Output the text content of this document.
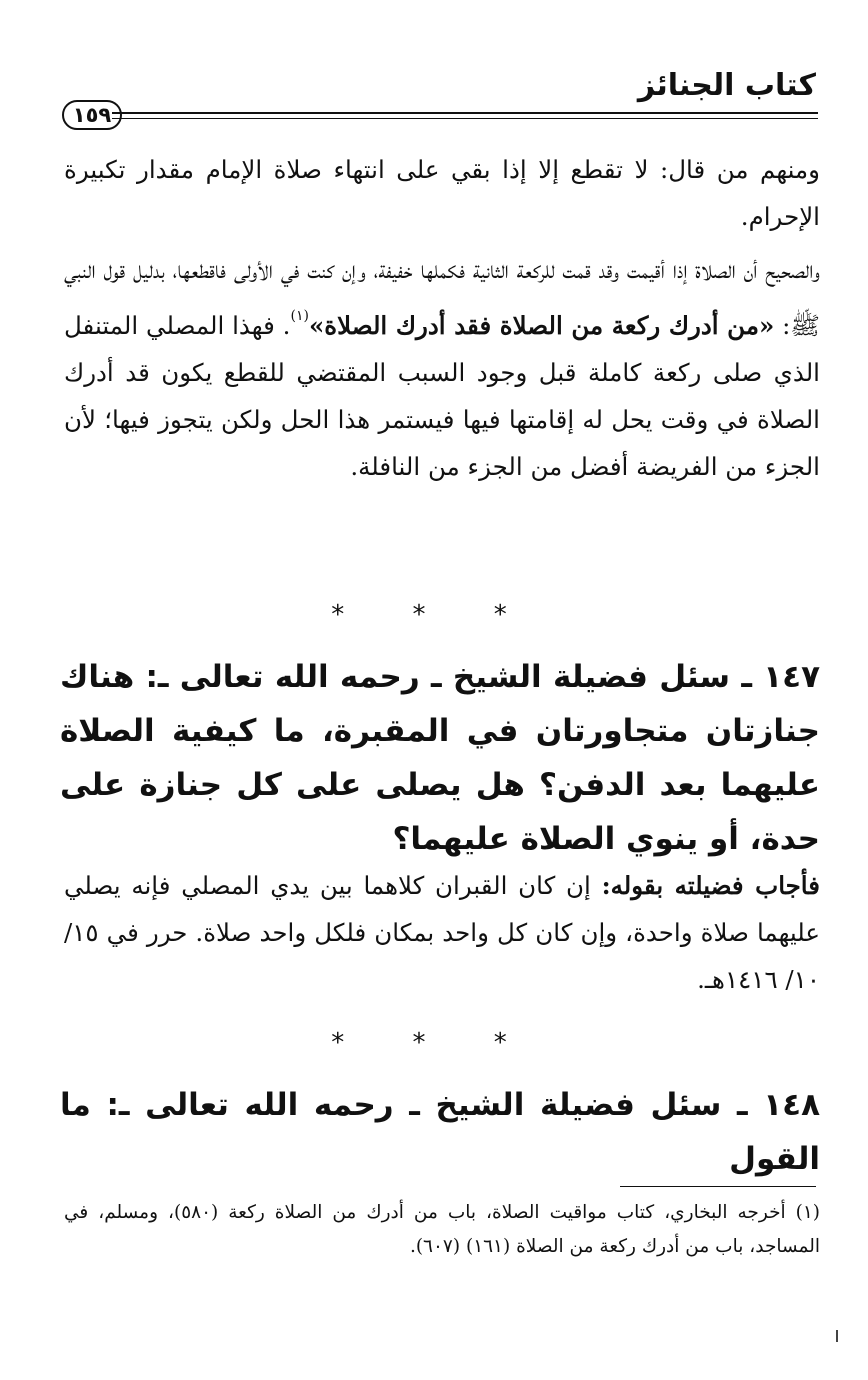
كتاب الجنائز
١٥٩

ومنهم من قال: لا تقطع إلا إذا بقي على انتهاء صلاة الإمام مقدار تكبيرة الإحرام.

والصحيح أن الصلاة إذا أقيمت وقد قمت للركعة الثانية فكملها خفيفة، وإن كنت في الأولى فاقطعها، بدليل قول النبي ﷺ: «من أدرك ركعة من الصلاة فقد أدرك الصلاة»$^{(١)}$. فهذا المصلي المتنفل الذي صلى ركعة كاملة قبل وجود السبب المقتضي للقطع يكون قد أدرك الصلاة في وقت يحل له إقامتها فيها فيستمر هذا الحل ولكن يتجوز فيها؛ لأن الجزء من الفريضة أفضل من الجزء من النافلة.

* * *

١٤٧ ـ سئل فضيلة الشيخ ـ رحمه الله تعالى ـ: هناك جنازتان متجاورتان في المقبرة، ما كيفية الصلاة عليهما بعد الدفن؟ هل يصلى على كل جنازة على حدة، أو ينوي الصلاة عليهما؟

فأجاب فضيلته بقوله: إن كان القبران كلاهما بين يدي المصلي فإنه يصلي عليهما صلاة واحدة، وإن كان كل واحد بمكان فلكل واحد صلاة. حرر في ١٥/ ١٠/ ١٤١٦هـ.

* * *

١٤٨ ـ سئل فضيلة الشيخ ـ رحمه الله تعالى ـ: ما القول

(١) أخرجه البخاري، كتاب مواقيت الصلاة، باب من أدرك من الصلاة ركعة (٥٨٠)، ومسلم، في المساجد، باب من أدرك ركعة من الصلاة (١٦١) (٦٠٧).
